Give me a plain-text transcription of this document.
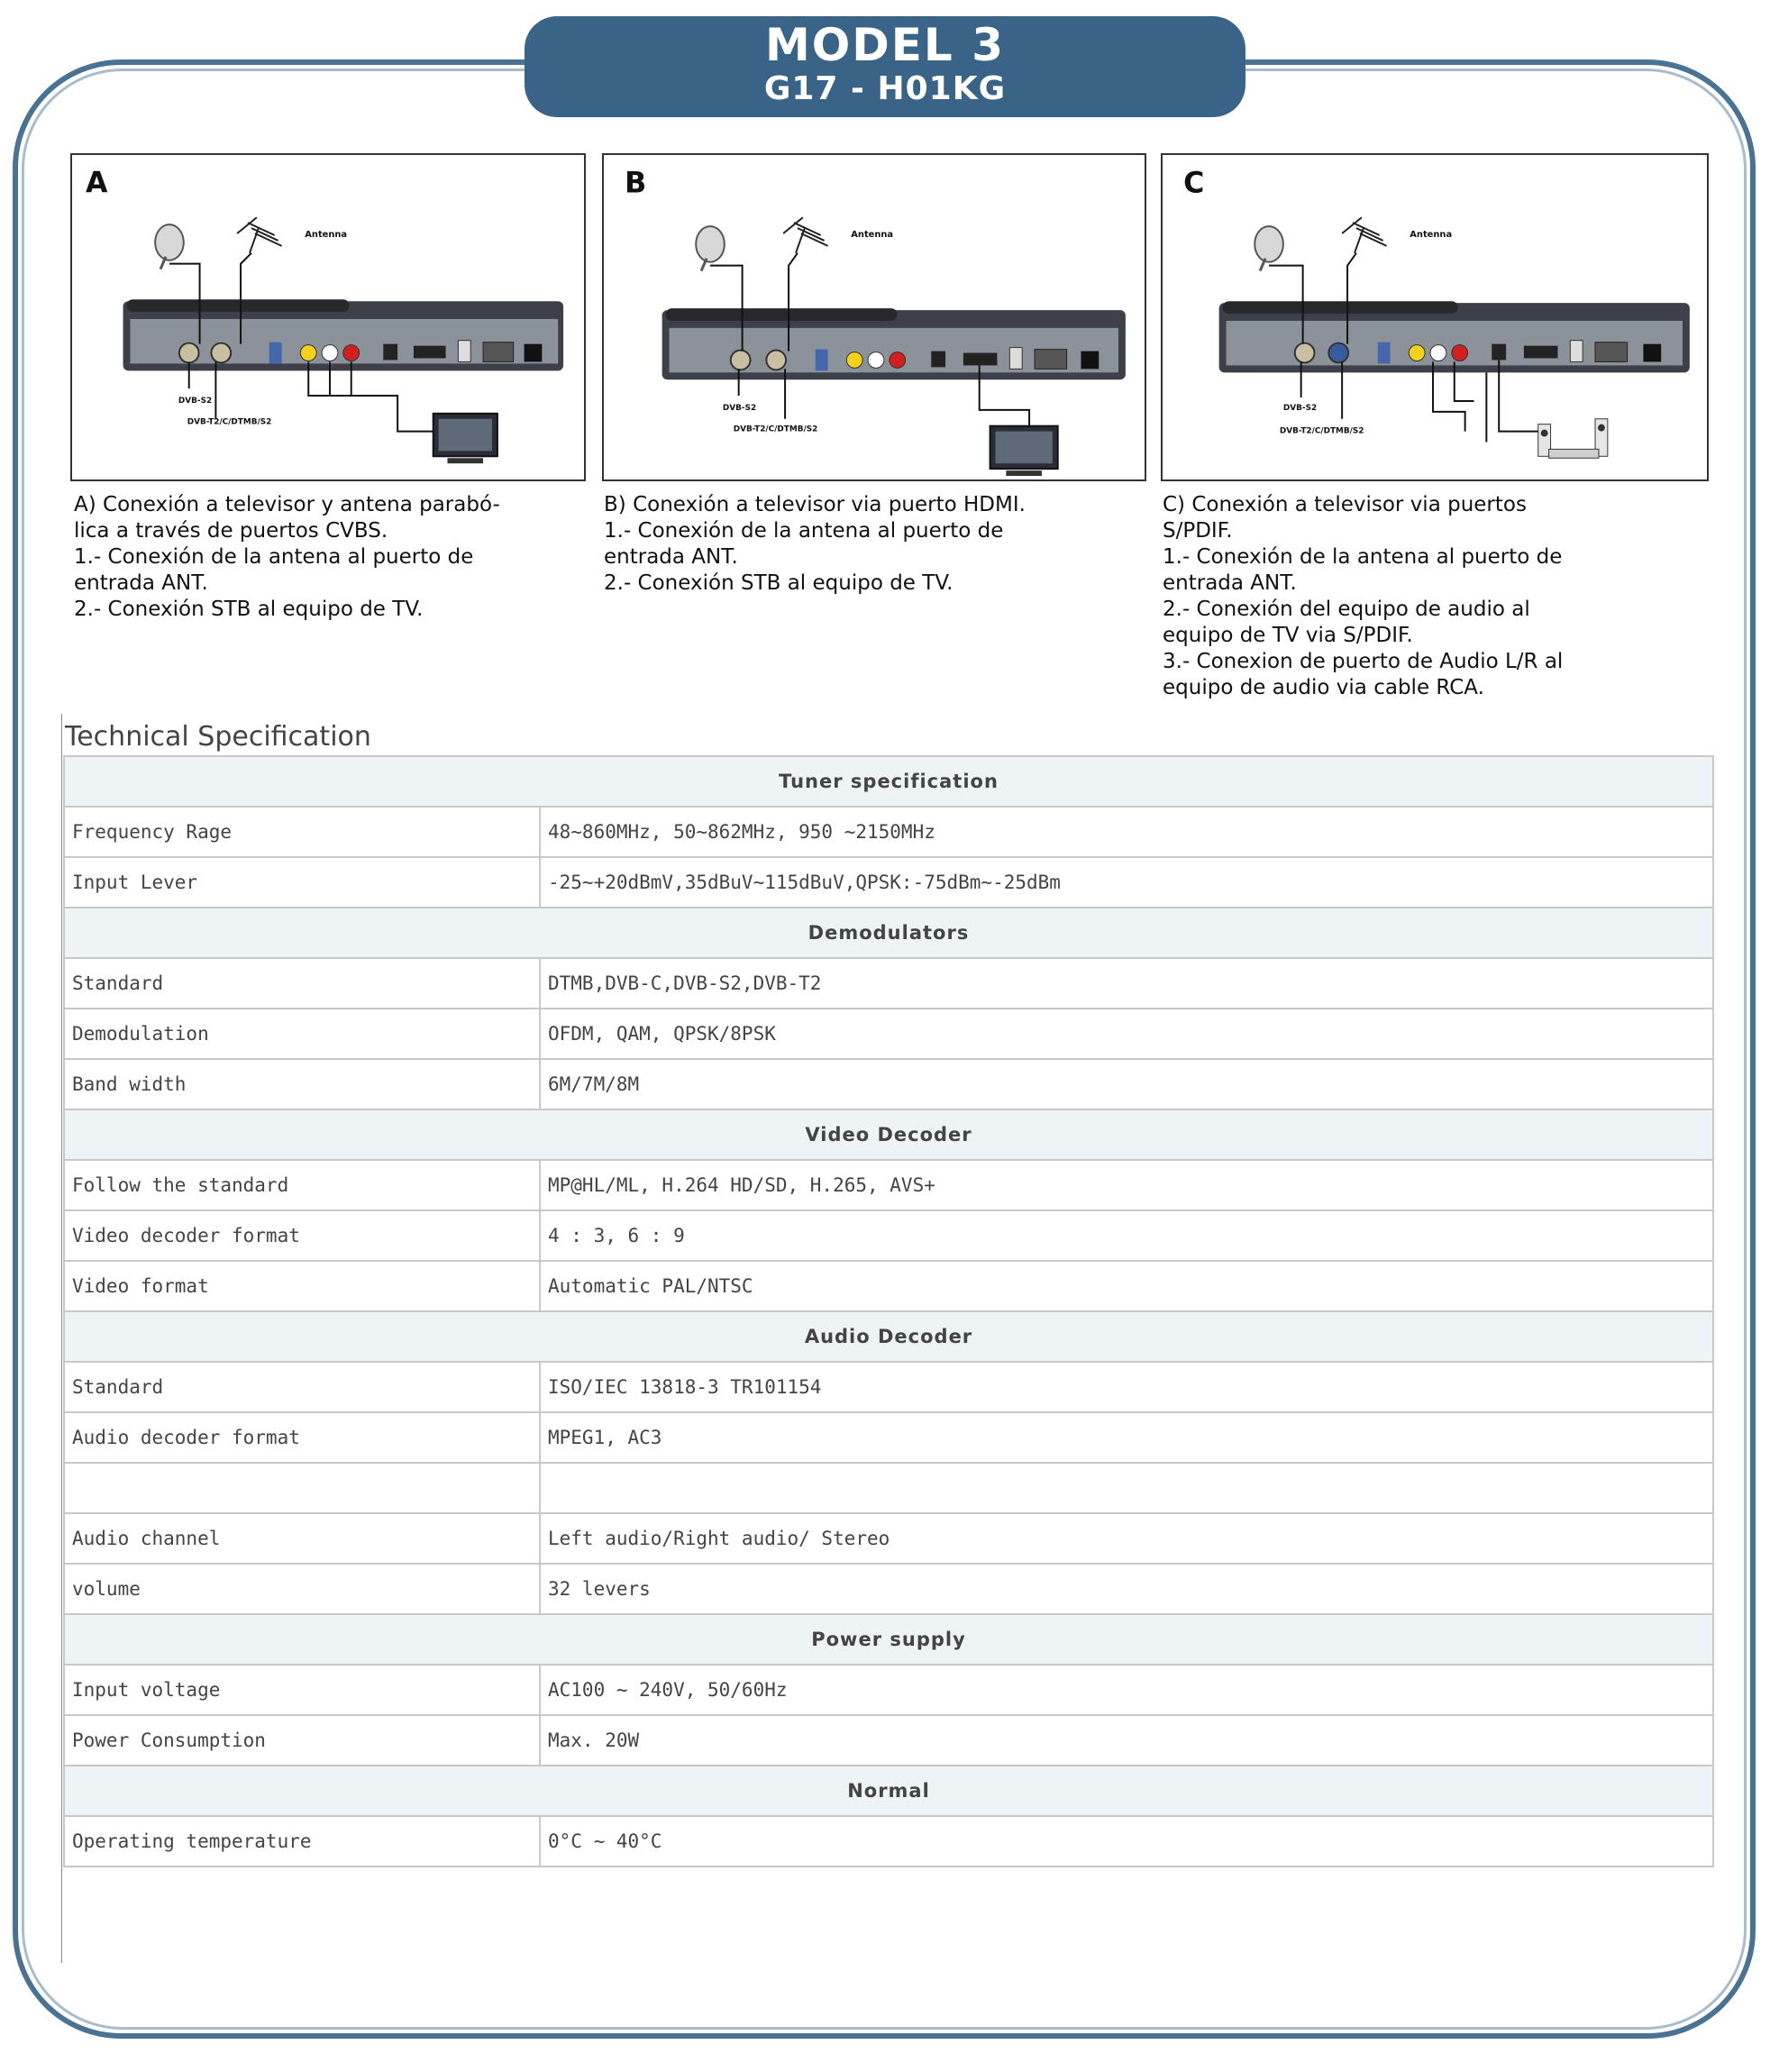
MODEL 3
G17 - H01KG
A
Antenna
DVB-S2
DVB-T2/C/DTMB/S2
B
Antenna
DVB-S2
DVB-T2/C/DTMB/S2
C
Antenna
DVB-S2
DVB-T2/C/DTMB/S2
A) Conexión a televisor y antena parabó-
lica a través de puertos CVBS.
1.- Conexión de la antena al puerto de
entrada ANT.
2.- Conexión STB al equipo de TV.
B) Conexión a televisor via puerto HDMI.
1.- Conexión de la antena al puerto de
entrada ANT.
2.- Conexión STB al equipo de TV.
C) Conexión a televisor via puertos
S/PDIF.
1.- Conexión de la antena al puerto de
entrada ANT.
2.- Conexión del equipo de audio al
equipo de TV via S/PDIF.
3.- Conexion de puerto de Audio L/R al
equipo de audio via cable RCA.
Technical Specification
Tuner specification	
Frequency Rage	48~860MHz, 50~862MHz, 950 ~2150MHz
Input Lever	-25~+20dBmV,35dBuV~115dBuV,QPSK:-75dBm~-25dBm
Demodulators	
Standard	DTMB,DVB-C,DVB-S2,DVB-T2
Demodulation	OFDM, QAM, QPSK/8PSK
Band width	6M/7M/8M
Video Decoder	
Follow the standard	MP@HL/ML, H.264 HD/SD, H.265, AVS+
Video decoder format	4 : 3, 6 : 9
Video format	Automatic PAL/NTSC
Audio Decoder	
Standard	ISO/IEC 13818-3 TR101154
Audio decoder format	MPEG1, AC3

Audio channel	Left audio/Right audio/ Stereo
volume	32 levers
Power supply	
Input voltage	AC100 ~ 240V, 50/60Hz
Power Consumption	Max. 20W
Normal	
Operating temperature	0°C ~ 40°C
